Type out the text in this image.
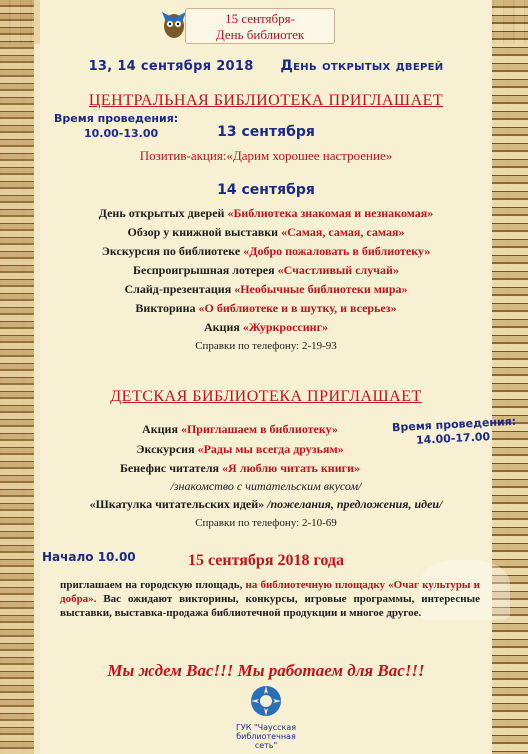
15 сентября-
День библиотек
13, 14 сентября 2018 День открытых дверей
ЦЕНТРАЛЬНАЯ БИБЛИОТЕКА ПРИГЛАШАЕТ
Время проведения:
10.00-13.00	13 сентября
Позитив-акция:«Дарим хорошее настроение»
14 сентября
День открытых дверей «Библиотека знакомая и незнакомая»
Обзор у книжной выставки «Самая, самая, самая»
Экскурсия по библиотеке «Добро пожаловать в библиотеку»
Беспроигрышная лотерея «Счастливый случай»
Слайд-презентация «Необычные библиотеки мира»
Викторина «О библиотеке и в шутку, и всерьез»
Акция «Журкроссинг»
Справки по телефону: 2-19-93
ДЕТСКАЯ БИБЛИОТЕКА ПРИГЛАШАЕТ
Время проведения:
14.00-17.00
Акция «Приглашаем в библиотеку»
Экскурсия «Рады мы всегда друзьям»
Бенефис читателя «Я люблю читать книги»
/знакомство с читательским вкусом/
«Шкатулка читательских идей» /пожелания, предложения, идеи/
Справки по телефону: 2-10-69
Начало 10.00	15 сентября 2018 года
приглашаем на городскую площадь, на библиотечную площадку «Очаг культуры и добра». Вас ожидают викторины, конкурсы, игровые программы, интересные выставки, выставка-продажа библиотечной продукции и многое другое.
Мы ждем Вас!!! Мы работаем для Вас!!!
ГУК "Чаусская
библиотечная сеть"
